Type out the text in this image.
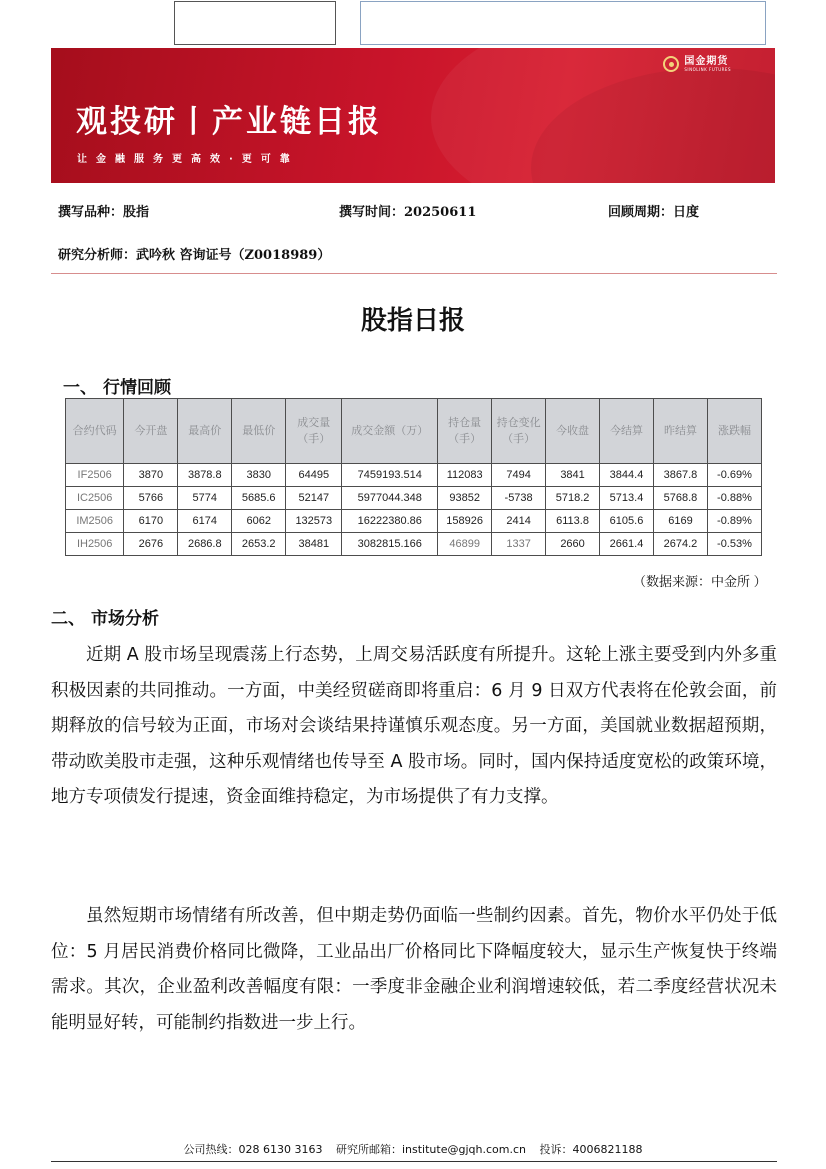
观投研丨产业链日报
让金融服务更高效·更可靠
国金期货
SINOLINK FUTURES
撰写品种：股指	撰写时间：20250611	回顾周期：日度
研究分析师：武吟秋 咨询证号（Z0018989）
股指日报
一、 行情回顾
合约代码	今开盘	最高价	最低价	成交量（手）	成交金额（万）	持仓量（手）	持仓变化（手）	今收盘	今结算	昨结算	涨跌幅
IF2506	3870	3878.8	3830	64495	7459193.514	112083	7494	3841	3844.4	3867.8	-0.69%
IC2506	5766	5774	5685.6	52147	5977044.348	93852	-5738	5718.2	5713.4	5768.8	-0.88%
IM2506	6170	6174	6062	132573	16222380.86	158926	2414	6113.8	6105.6	6169	-0.89%
IH2506	2676	2686.8	2653.2	38481	3082815.166	46899	1337	2660	2661.4	2674.2	-0.53%
（数据来源：中金所 ）
二、 市场分析
近期 A 股市场呈现震荡上行态势，上周交易活跃度有所提升。这轮上涨主要受到内外多重积极因素的共同推动。一方面，中美经贸磋商即将重启：6 月 9 日双方代表将在伦敦会面，前期释放的信号较为正面，市场对会谈结果持谨慎乐观态度。另一方面，美国就业数据超预期，带动欧美股市走强，这种乐观情绪也传导至 A 股市场。同时，国内保持适度宽松的政策环境，地方专项债发行提速，资金面维持稳定，为市场提供了有力支撑。
虽然短期市场情绪有所改善，但中期走势仍面临一些制约因素。首先，物价水平仍处于低位：5 月居民消费价格同比微降，工业品出厂价格同比下降幅度较大，显示生产恢复快于终端需求。其次，企业盈利改善幅度有限：一季度非金融企业利润增速较低，若二季度经营状况未能明显好转，可能制约指数进一步上行。
公司热线：028 6130 3163 研究所邮箱：institute@gjqh.com.cn 投诉：4006821188
